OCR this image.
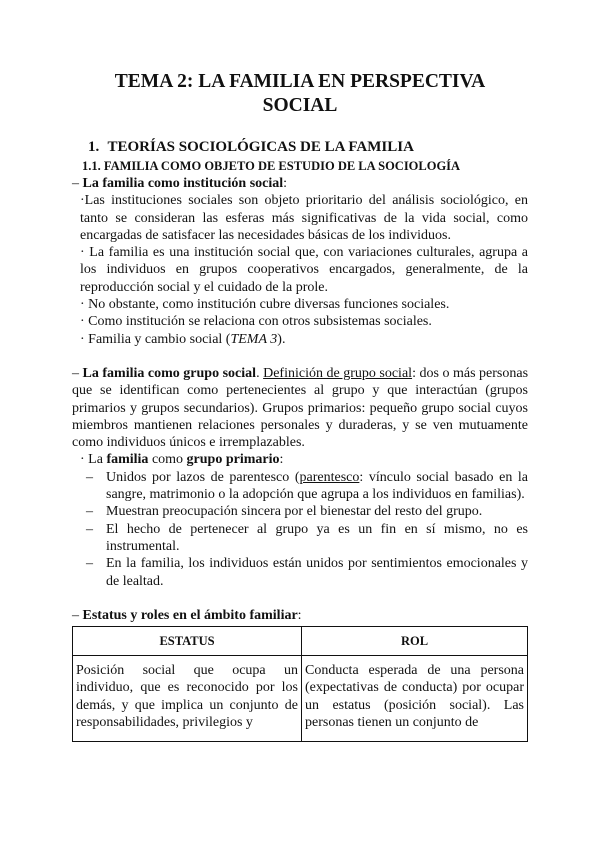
TEMA 2: LA FAMILIA EN PERSPECTIVA
SOCIAL
1. TEORÍAS SOCIOLÓGICAS DE LA FAMILIA
1.1. FAMILIA COMO OBJETO DE ESTUDIO DE LA SOCIOLOGÍA

– La familia como institución social:

·Las instituciones sociales son objeto prioritario del análisis sociológico, en tanto se consideran las esferas más significativas de la vida social, como encargadas de satisfacer las necesidades básicas de los individuos.

· La familia es una institución social que, con variaciones culturales, agrupa a los individuos en grupos cooperativos encargados, generalmente, de la reproducción social y el cuidado de la prole.

· No obstante, como institución cubre diversas funciones sociales.

· Como institución se relaciona con otros subsistemas sociales.

· Familia y cambio social (TEMA 3).

– La familia como grupo social. Definición de grupo social: dos o más personas que se identifican como pertenecientes al grupo y que interactúan (grupos primarios y grupos secundarios). Grupos primarios: pequeño grupo social cuyos miembros mantienen relaciones personales y duraderas, y se ven mutuamente como individuos únicos e irremplazables.

· La familia como grupo primario:

– Unidos por lazos de parentesco (parentesco: vínculo social basado en la sangre, matrimonio o la adopción que agrupa a los individuos en familias).
– Muestran preocupación sincera por el bienestar del resto del grupo.
– El hecho de pertenecer al grupo ya es un fin en sí mismo, no es instrumental.
– En la familia, los individuos están unidos por sentimientos emocionales y de lealtad.

– Estatus y roles en el ámbito familiar:

ESTATUS	ROL

Posición social que ocupa un individuo, que es reconocido por los demás, y que implica un conjunto de responsabilidades, privilegios y	Conducta esperada de una persona (expectativas de conducta) por ocupar un estatus (posición social). Las personas tienen un conjunto de
